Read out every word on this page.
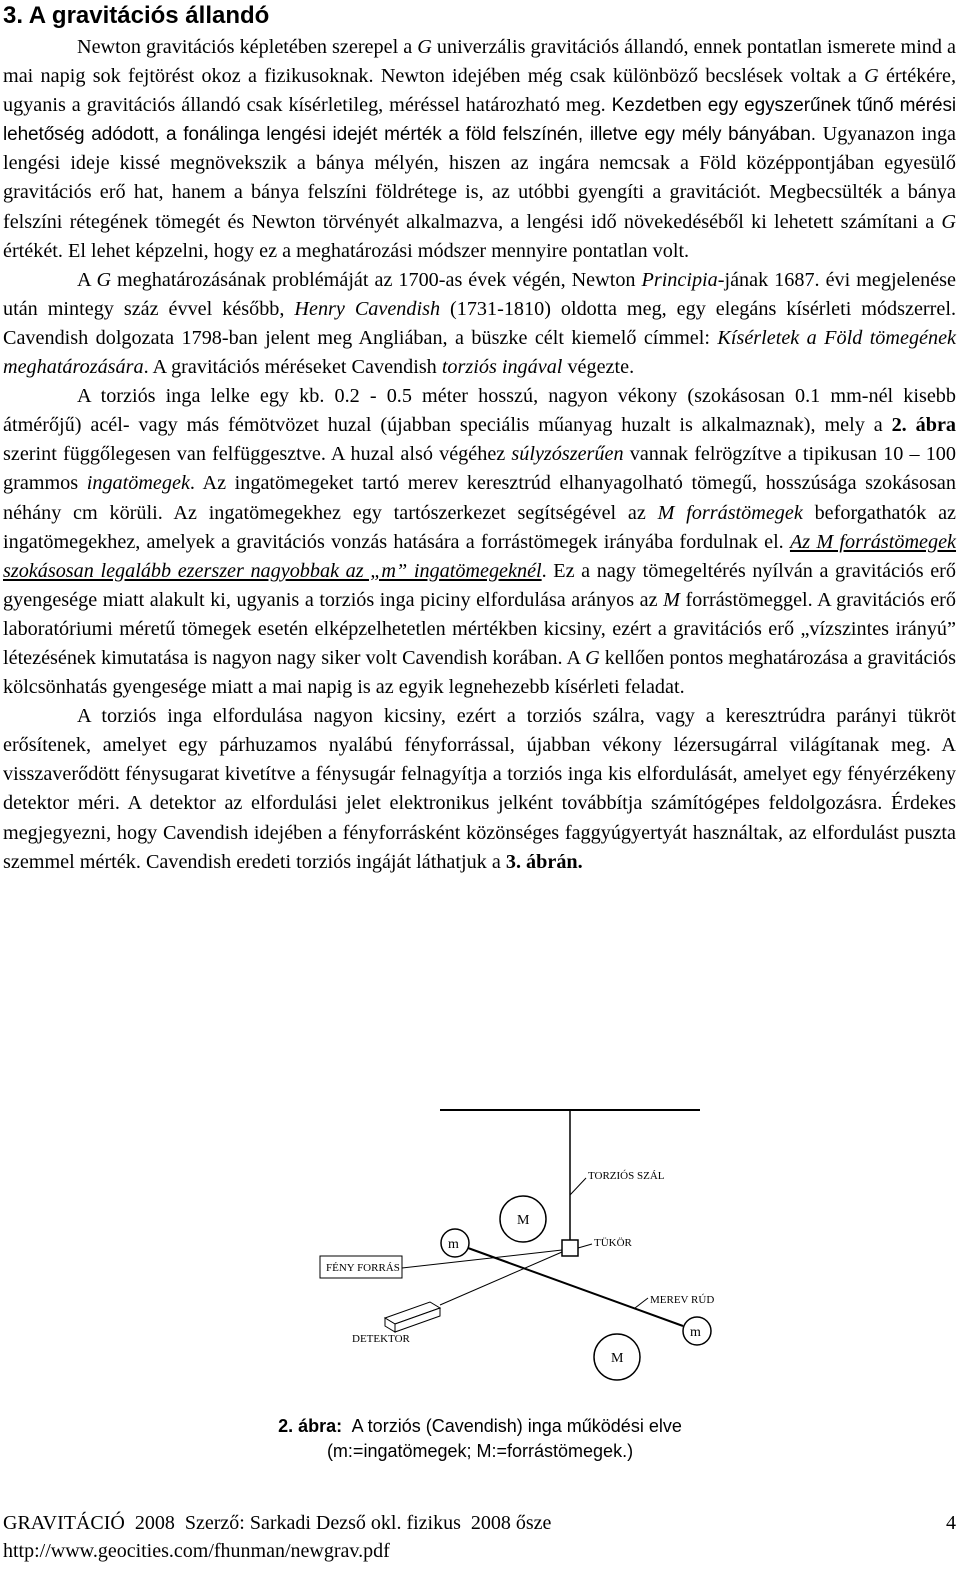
3. A gravitációs állandó

Newton gravitációs képletében szerepel a G univerzális gravitációs állandó, ennek pontatlan ismerete mind a mai napig sok fejtörést okoz a fizikusoknak. Newton idejében még csak különböző becslések voltak a G értékére, ugyanis a gravitációs állandó csak kísérletileg, méréssel határozható meg. Kezdetben egy egyszerűnek tűnő mérési lehetőség adódott, a fonálinga lengési idejét mérték a föld felszínén, illetve egy mély bányában. Ugyanazon inga lengési ideje kissé megnövekszik a bánya mélyén, hiszen az ingára nemcsak a Föld középpontjában egyesülő gravitációs erő hat, hanem a bánya felszíni földrétege is, az utóbbi gyengíti a gravitációt. Megbecsülték a bánya felszíni rétegének tömegét és Newton törvényét alkalmazva, a lengési idő növekedéséből ki lehetett számítani a G értékét. El lehet képzelni, hogy ez a meghatározási módszer mennyire pontatlan volt.

A G meghatározásának problémáját az 1700-as évek végén, Newton Principia-jának 1687. évi megjelenése után mintegy száz évvel később, Henry Cavendish (1731-1810) oldotta meg, egy elegáns kísérleti módszerrel. Cavendish dolgozata 1798-ban jelent meg Angliában, a büszke célt kiemelő címmel: Kísérletek a Föld tömegének meghatározására. A gravitációs méréseket Cavendish torziós ingával végezte.

A torziós inga lelke egy kb. 0.2 - 0.5 méter hosszú, nagyon vékony (szokásosan 0.1 mm-nél kisebb átmérőjű) acél- vagy más fémötvözet huzal (újabban speciális műanyag huzalt is alkalmaznak), mely a 2. ábra szerint függőlegesen van felfüggesztve. A huzal alsó végéhez súlyzószerűen vannak felrögzítve a tipikusan 10 – 100 grammos ingatömegek. Az ingatömegeket tartó merev keresztrúd elhanyagolható tömegű, hosszúsága szokásosan néhány cm körüli. Az ingatömegekhez egy tartószerkezet segítségével az M forrástömegek beforgathatók az ingatömegekhez, amelyek a gravitációs vonzás hatására a forrástömegek irányába fordulnak el. Az M forrástömegek szokásosan legalább ezerszer nagyobbak az „m” ingatömegeknél. Ez a nagy tömegeltérés nyílván a gravitációs erő gyengesége miatt alakult ki, ugyanis a torziós inga piciny elfordulása arányos az M forrástömeggel. A gravitációs erő laboratóriumi méretű tömegek esetén elképzelhetetlen mértékben kicsiny, ezért a gravitációs erő „vízszintes irányú” létezésének kimutatása is nagyon nagy siker volt Cavendish korában. A G kellően pontos meghatározása a gravitációs kölcsönhatás gyengesége miatt a mai napig is az egyik legnehezebb kísérleti feladat.

A torziós inga elfordulása nagyon kicsiny, ezért a torziós szálra, vagy a keresztrúdra parányi tükröt erősítenek, amelyet egy párhuzamos nyalábú fényforrással, újabban vékony lézersugárral világítanak meg. A visszaverődött fénysugarat kivetítve a fénysugár felnagyítja a torziós inga kis elfordulását, amelyet egy fényérzékeny detektor méri. A detektor az elfordulási jelet elektronikus jelként továbbítja számítógépes feldolgozásra. Érdekes megjegyezni, hogy Cavendish idejében a fényforrásként közönséges faggyúgyertyát használtak, az elfordulást puszta szemmel mérték. Cavendish eredeti torziós ingáját láthatjuk a 3. ábrán.

TORZIÓS SZÁL
M
m	TÜKÖR
FÉNY FORRÁS
DETEKTOR
MEREV RÚD
m
M
2. ábra: A torziós (Cavendish) inga működési elve
(m:=ingatömegek; M:=forrástömegek.)
GRAVITÁCIÓ  2008  Szerző: Sarkadi Dezső okl. fizikus  2008 ősze	4
http://www.geocities.com/fhunman/newgrav.pdf
